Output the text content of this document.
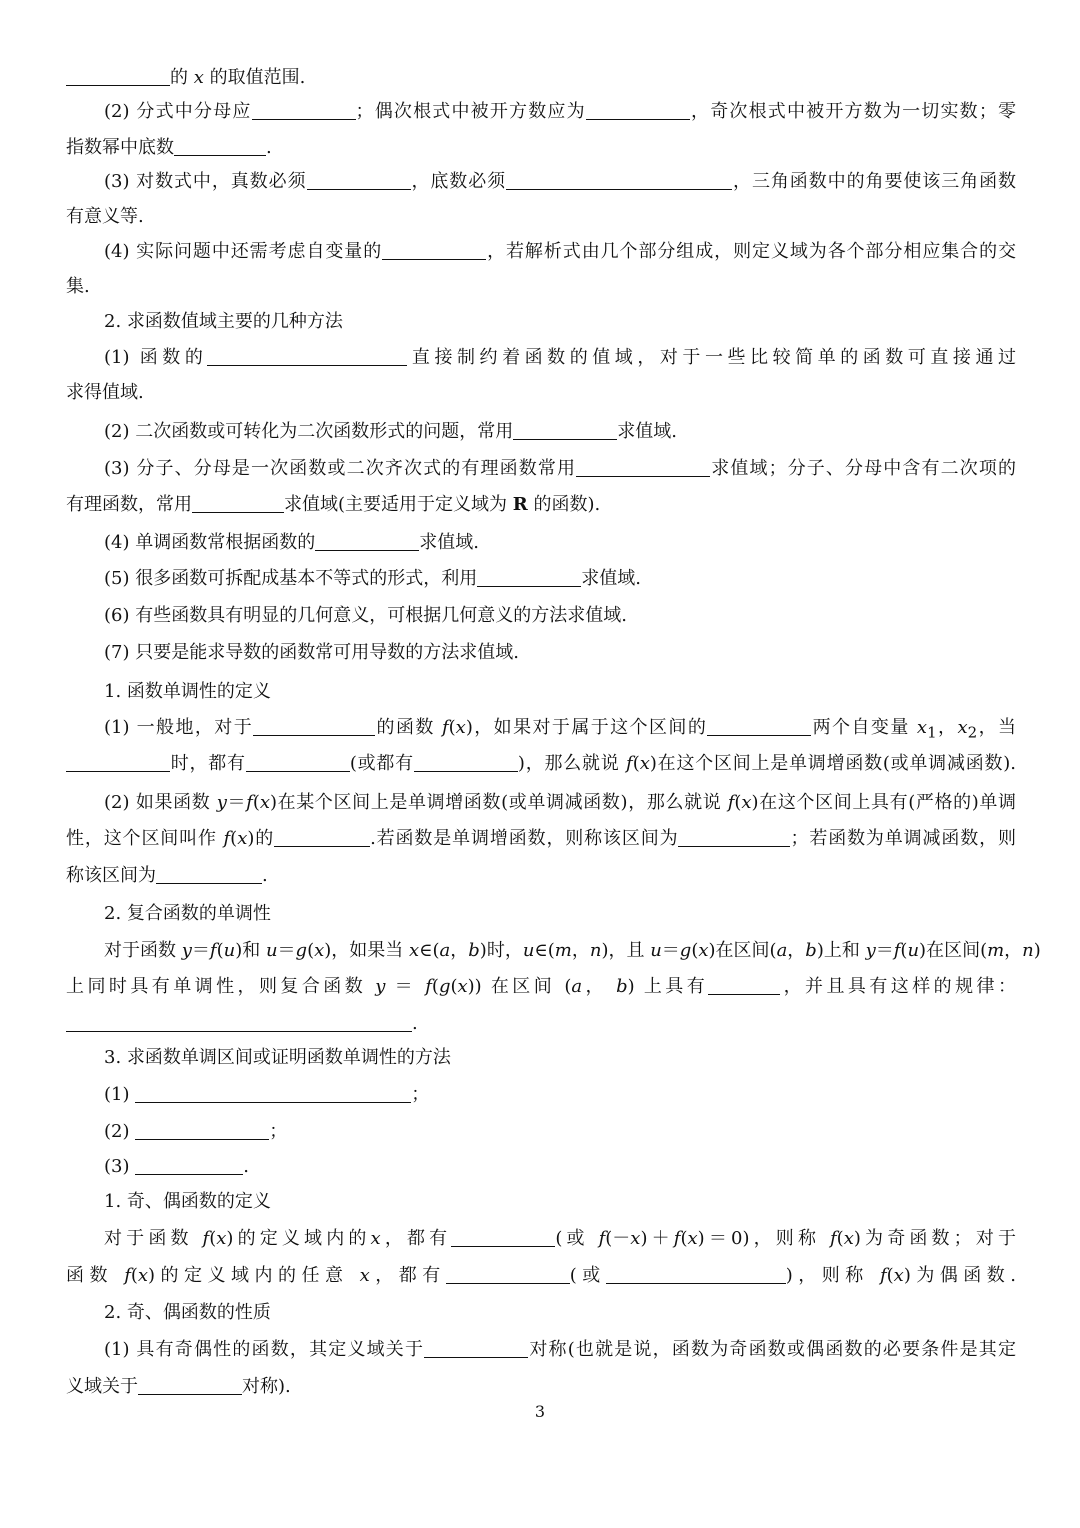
的 x 的取值范围.
(2) 分式中分母应	；偶次根式中被开方数应为	，奇次根式中被开方数为一切实数；零
指数幂中底数	.
(3) 对数式中，真数必须	，底数必须	，三角函数中的角要使该三角函数
有意义等.
(4) 实际问题中还需考虑自变量的	，若解析式由几个部分组成，则定义域为各个部分相应集合的交
集.
2. 求函数值域主要的几种方法
(1) 函数的	直接制约着函数的值域，对于一些比较简单的函数可直接通过
求得值域.
(2) 二次函数或可转化为二次函数形式的问题，常用	求值域.
(3) 分子、分母是一次函数或二次齐次式的有理函数常用	求值域；分子、分母中含有二次项的
有理函数，常用	求值域(主要适用于定义域为 R 的函数).
(4) 单调函数常根据函数的	求值域.
(5) 很多函数可拆配成基本不等式的形式，利用	求值域.
(6) 有些函数具有明显的几何意义，可根据几何意义的方法求值域.
(7) 只要是能求导数的函数常可用导数的方法求值域.
1. 函数单调性的定义
(1) 一般地，对于	的函数 f(x)，如果对于属于这个区间的	两个自变量 $x_1$，$x_2$，当
时，都有	(或都有	)，那么就说 f(x)在这个区间上是单调增函数(或单调减函数).
(2) 如果函数 y＝f(x)在某个区间上是单调增函数(或单调减函数)，那么就说 f(x)在这个区间上具有(严格的)单调
性，这个区间叫作 f(x)的	.若函数是单调增函数，则称该区间为	；若函数为单调减函数，则
称该区间为	.
2. 复合函数的单调性
对于函数 y＝f(u)和 u＝g(x)，如果当 x∈(a，b)时，u∈(m，n)，且 u＝g(x)在区间(a，b)上和 y＝f(u)在区间(m，n)
上同时具有单调性，则复合函数 y ＝ f(g(x)) 在区间 (a， b) 上具有	，并且具有这样的规律：
.
3. 求函数单调区间或证明函数单调性的方法
(1)	；
(2)	；
(3)	.
1. 奇、偶函数的定义
对于函数 f(x)的定义域内的x，都有	(或 f(－x)＋f(x)＝0)，则称 f(x)为奇函数；对于
函数 f(x)的定义域内的任意 x，都有	(或	)，则称 f(x)为偶函数.
2. 奇、偶函数的性质
(1) 具有奇偶性的函数，其定义域关于	对称(也就是说，函数为奇函数或偶函数的必要条件是其定
义域关于	对称).
3
